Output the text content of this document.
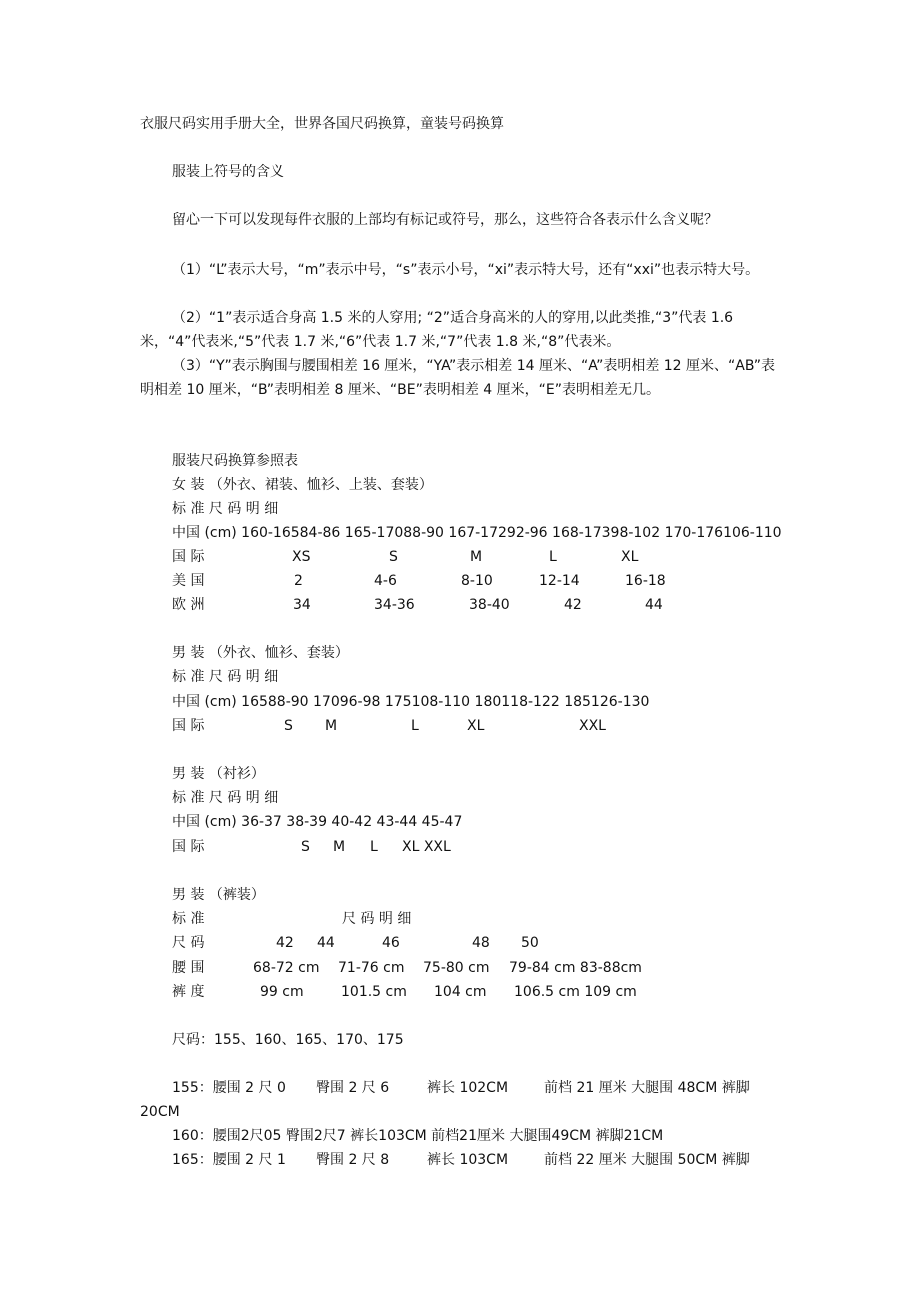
衣服尺码实用手册大全，世界各国尺码换算，童装号码换算
服装上符号的含义
留心一下可以发现每件衣服的上部均有标记或符号，那么，这些符合各表示什么含义呢？
（1）“L”表示大号，“m”表示中号，“s”表示小号，“xi”表示特大号，还有“xxi”也表示特大号。
（2）“1”表示适合身高 1.5 米的人穿用; “2”适合身高米的人的穿用,以此类推,“3”代表 1.6 米，“4”代表米,“5”代表 1.7 米,“6”代表 1.7 米,“7”代表 1.8 米,“8”代表米。
（3）“Y”表示胸围与腰围相差 16 厘米，“YA”表示相差 14 厘米、“A”表明相差 12 厘米、“AB”表明相差 10 厘米，“B”表明相差 8 厘米、“BE”表明相差 4 厘米，“E”表明相差无几。
服装尺码换算参照表
女 装 （外衣、裙装、恤衫、上装、套装）
标 准 尺 码 明 细
中国 (cm) 160-16584-86 165-17088-90 167-17292-96 168-17398-102 170-176106-110
国 际	XS	S	M	L	XL
美 国	2	4-6	8-10	12-14	16-18
欧 洲	34	34-36	38-40	42	44
男 装 （外衣、恤衫、套装）
标 准 尺 码 明 细
中国 (cm) 16588-90 17096-98 175108-110 180118-122 185126-130
国 际	S M	L	XL	XXL
男 装 （衬衫）
标 准 尺 码 明 细
中国 (cm) 36-37 38-39 40-42 43-44 45-47
国 际	S M L XL XXL
男 装 （裤装）
标 准	尺 码 明 细
尺 码	42 44	46	48 50
腰 围	68-72 cm 71-76 cm 75-80 cm 79-84 cm 83-88cm
裤 度	99 cm	101.5 cm 104 cm 106.5 cm 109 cm
尺码：155、160、165、170、175
155：腰围 2 尺 0 臀围 2 尺 6	裤长 102CM	前档 21 厘米 大腿围 48CM 裤脚
20CM
160：腰围2尺05 臀围2尺7 裤长103CM 前档21厘米 大腿围49CM 裤脚21CM
165：腰围 2 尺 1 臀围 2 尺 8	裤长 103CM	前档 22 厘米 大腿围 50CM 裤脚
